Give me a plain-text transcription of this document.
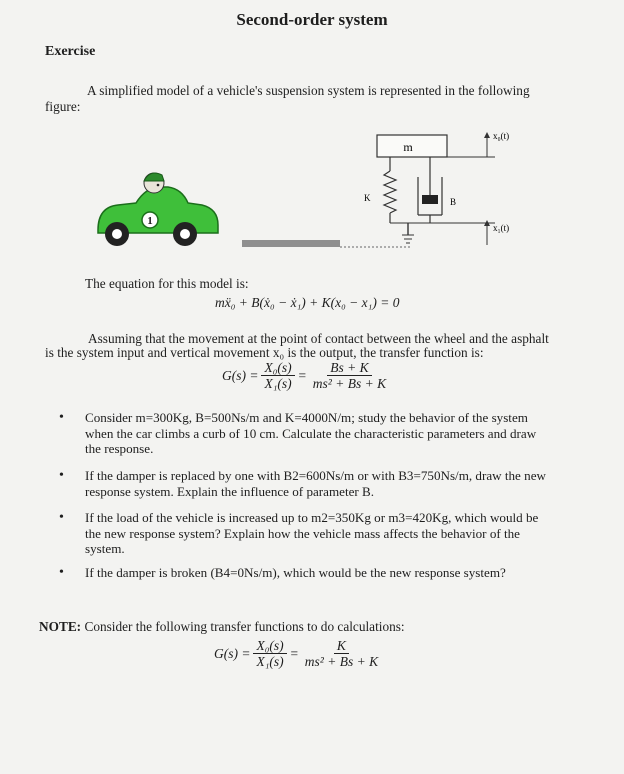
Second-order system
Exercise
A simplified model of a vehicle's suspension system is represented in the following
figure:
1
m
x₀(t)
K	B
x₁(t)
The equation for this model is:
mẍ₀ + B(ẋ₀ − ẋ₁) + K(x₀ − x₁) = 0
Assuming that the movement at the point of contact between the wheel and the asphalt
is the system input and vertical movement x₀ is the output, the transfer function is:
$G(s) = \frac{\text{X₀(s)}}{\text{X₁(s)}} = \frac{Bs + K}{\text{ms² + Bs + K}}$
• Consider m=300Kg, B=500Ns/m and K=4000N/m; study the behavior of the system
when the car climbs a curb of 10 cm. Calculate the characteristic parameters and draw
the response.
• If the damper is replaced by one with B2=600Ns/m or with B3=750Ns/m, draw the new
response system. Explain the influence of parameter B.
• If the load of the vehicle is increased up to m2=350Kg or m3=420Kg, which would be
the new response system? Explain how the vehicle mass affects the behavior of the
system.
• If the damper is broken (B4=0Ns/m), which would be the new response system?
NOTE: Consider the following transfer functions to do calculations:
$G(s) = \frac{\text{X₀(s)}}{\text{X₁(s)}} = \frac{K}{\text{ms² + Bs + K}}$
